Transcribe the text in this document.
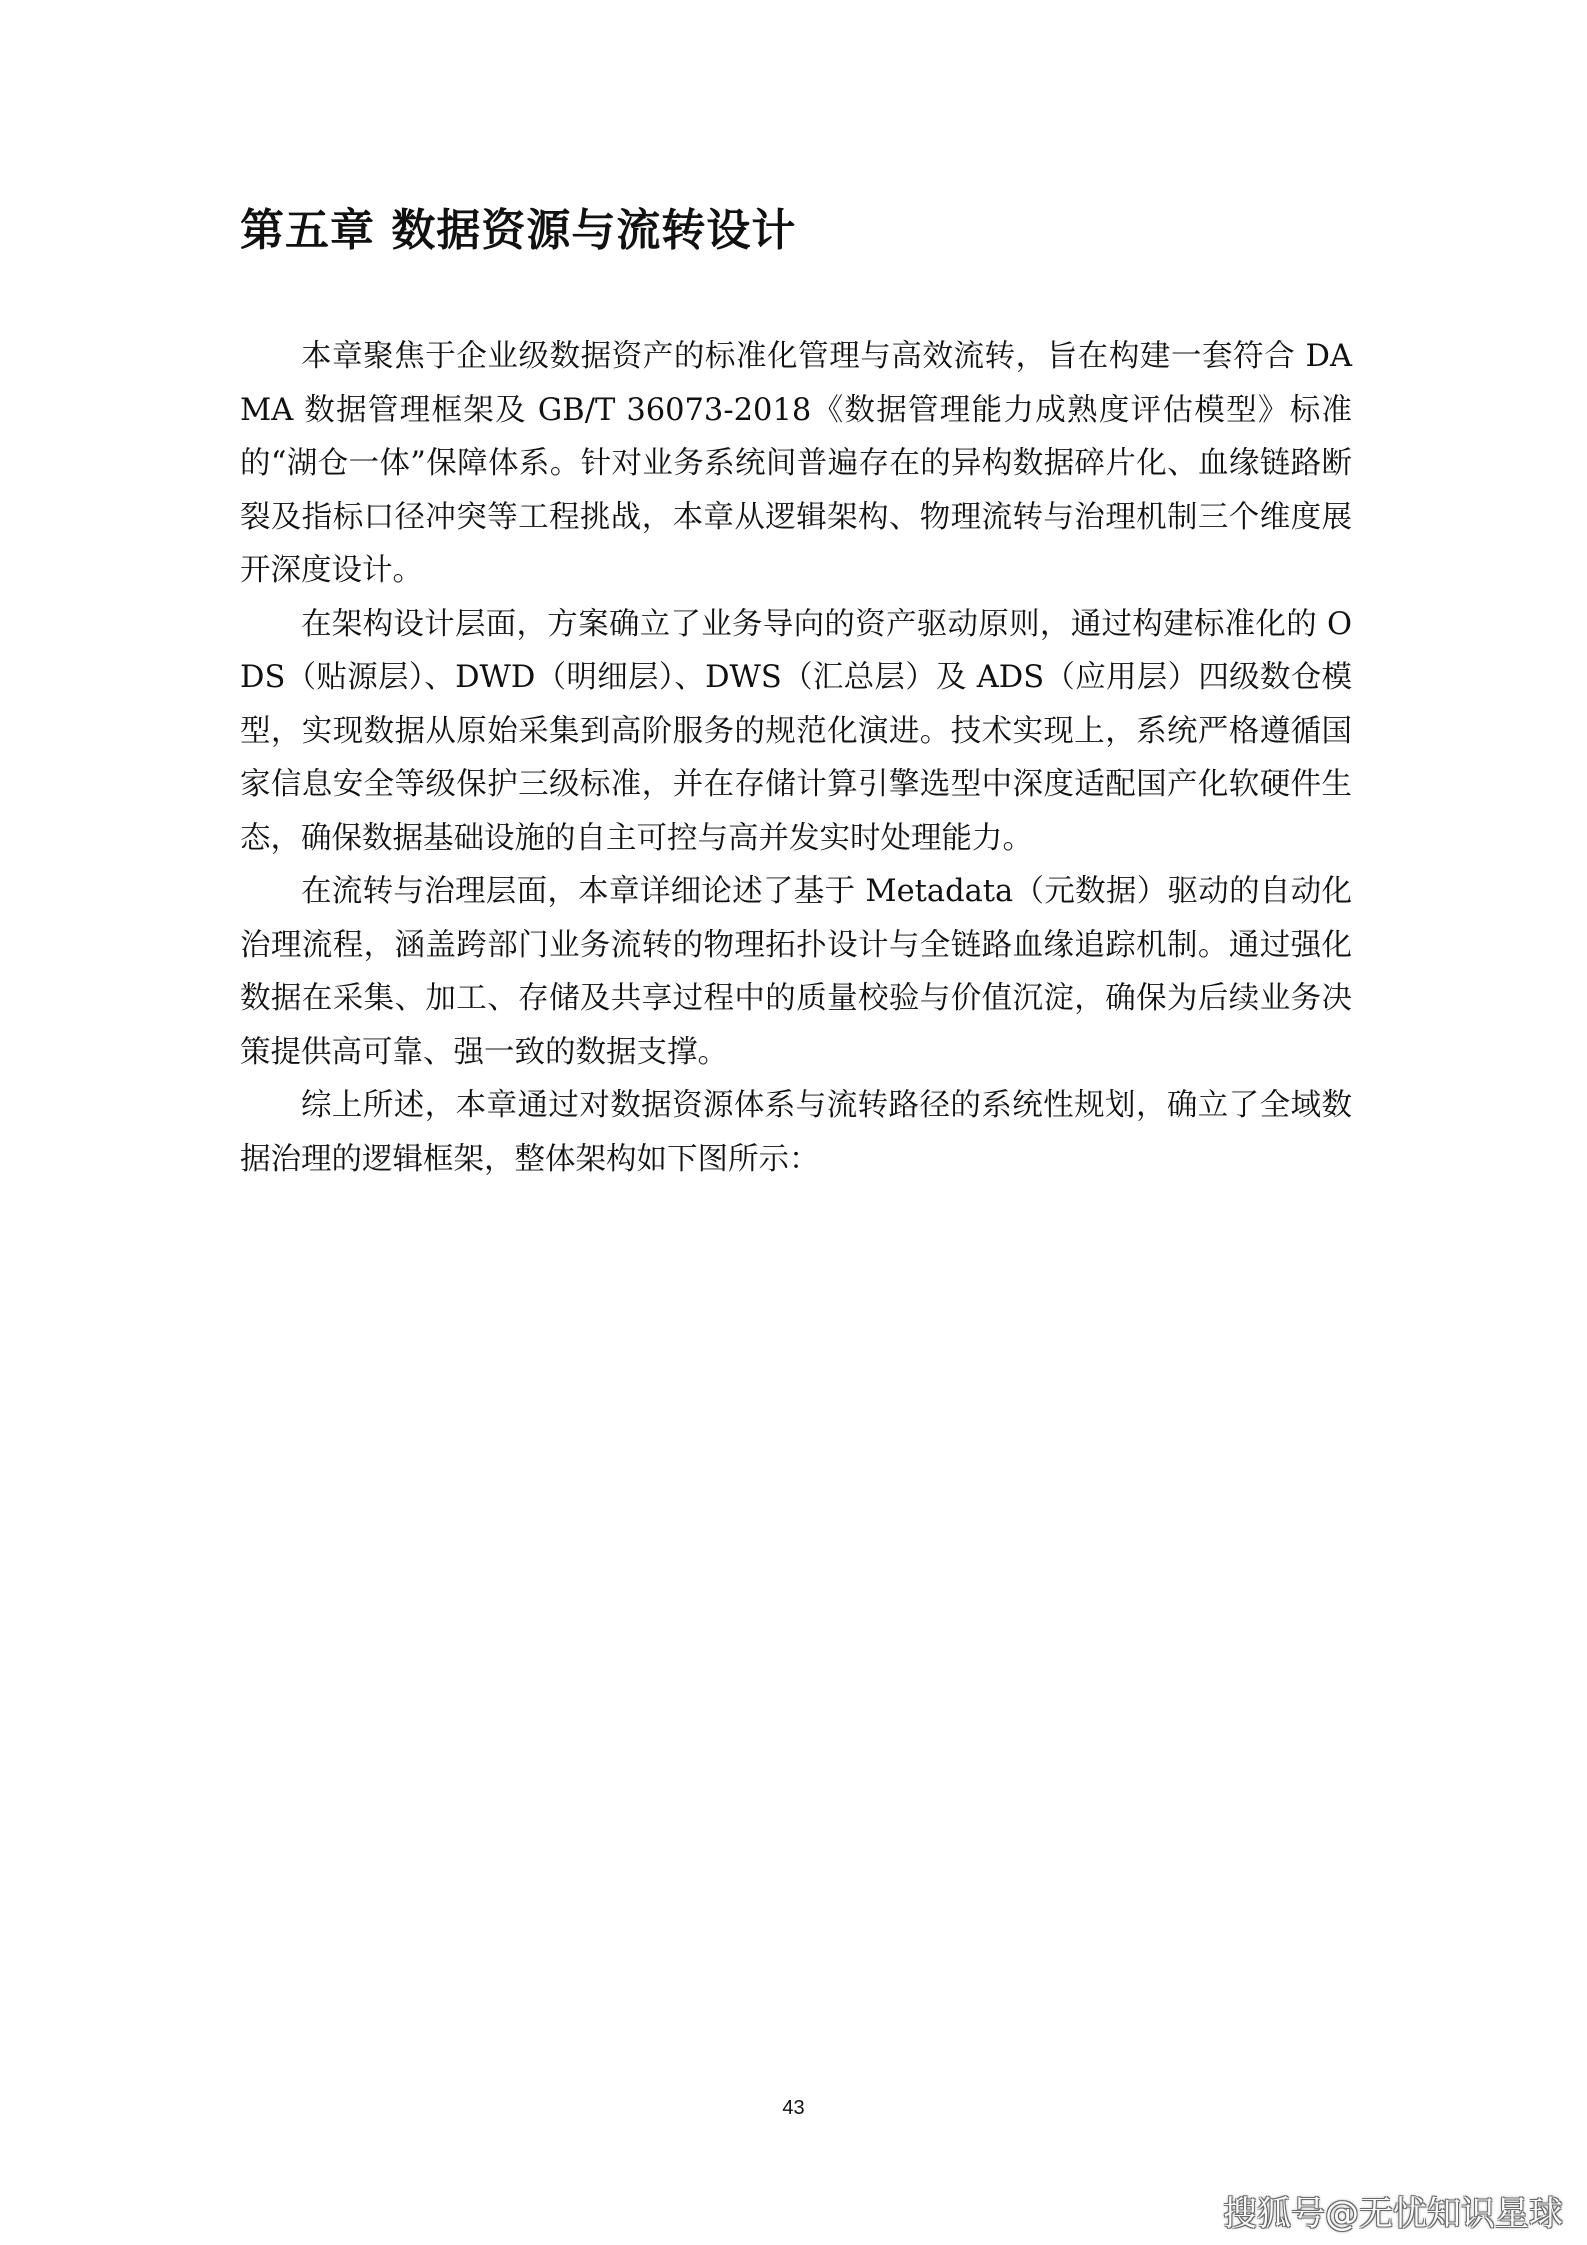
第五章 数据资源与流转设计

本章聚焦于企业级数据资产的标准化管理与高效流转，旨在构建一套符合 DAMA 数据管理框架及 GB/T 36073-2018《数据管理能力成熟度评估模型》标准的“湖仓一体”保障体系。针对业务系统间普遍存在的异构数据碎片化、血缘链路断裂及指标口径冲突等工程挑战，本章从逻辑架构、物理流转与治理机制三个维度展开深度设计。

在架构设计层面，方案确立了业务导向的资产驱动原则，通过构建标准化的 ODS（贴源层）、DWD（明细层）、DWS（汇总层）及 ADS（应用层）四级数仓模型，实现数据从原始采集到高阶服务的规范化演进。技术实现上，系统严格遵循国家信息安全等级保护三级标准，并在存储计算引擎选型中深度适配国产化软硬件生态，确保数据基础设施的自主可控与高并发实时处理能力。

在流转与治理层面，本章详细论述了基于 Metadata（元数据）驱动的自动化治理流程，涵盖跨部门业务流转的物理拓扑设计与全链路血缘追踪机制。通过强化数据在采集、加工、存储及共享过程中的质量校验与价值沉淀，确保为后续业务决策提供高可靠、强一致的数据支撑。

综上所述，本章通过对数据资源体系与流转路径的系统性规划，确立了全域数据治理的逻辑框架，整体架构如下图所示：

43
搜狐号@无忧知识星球
